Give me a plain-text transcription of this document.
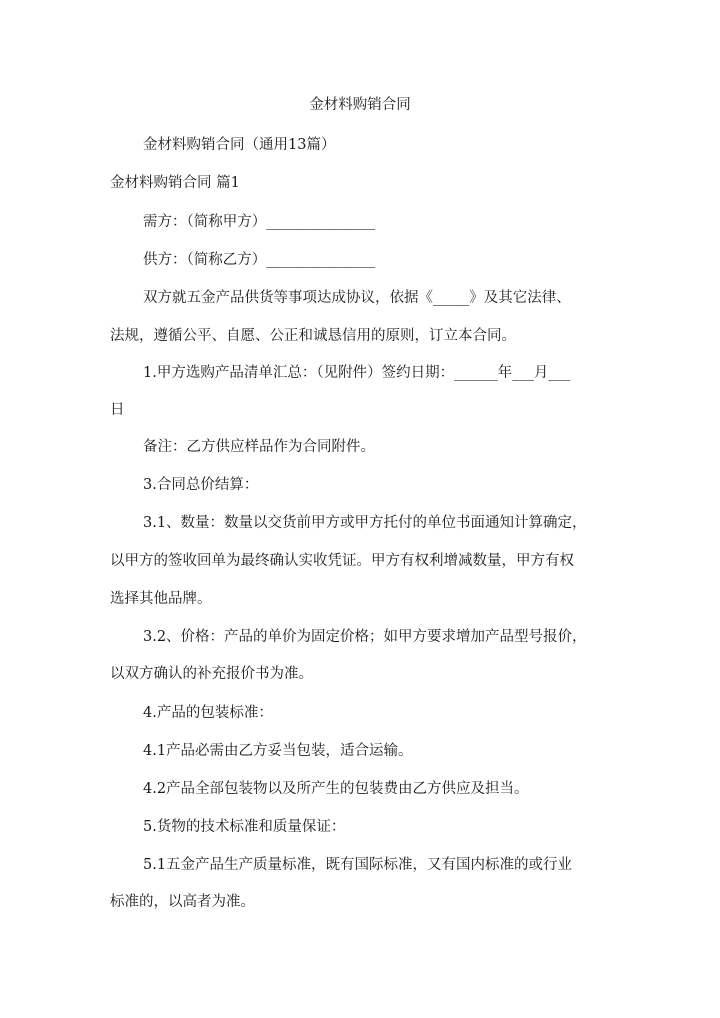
金材料购销合同

金材料购销合同（通用13篇）

金材料购销合同 篇1

需方：（简称甲方）_______________

供方：（简称乙方）_______________

双方就五金产品供货等事项达成协议，依据《_____》及其它法律、

法规，遵循公平、自愿、公正和诚恳信用的原则，订立本合同。

1.甲方选购产品清单汇总：（见附件）签约日期：______年___月___

日

备注：乙方供应样品作为合同附件。

3.合同总价结算：

3.1、数量：数量以交货前甲方或甲方托付的单位书面通知计算确定，

以甲方的签收回单为最终确认实收凭证。甲方有权利增减数量，甲方有权

选择其他品牌。

3.2、价格：产品的单价为固定价格；如甲方要求增加产品型号报价，

以双方确认的补充报价书为准。

4.产品的包装标准：

4.1产品必需由乙方妥当包装，适合运输。

4.2产品全部包装物以及所产生的包装费由乙方供应及担当。

5.货物的技术标准和质量保证：

5.1五金产品生产质量标准，既有国际标准，又有国内标准的或行业

标准的，以高者为准。
